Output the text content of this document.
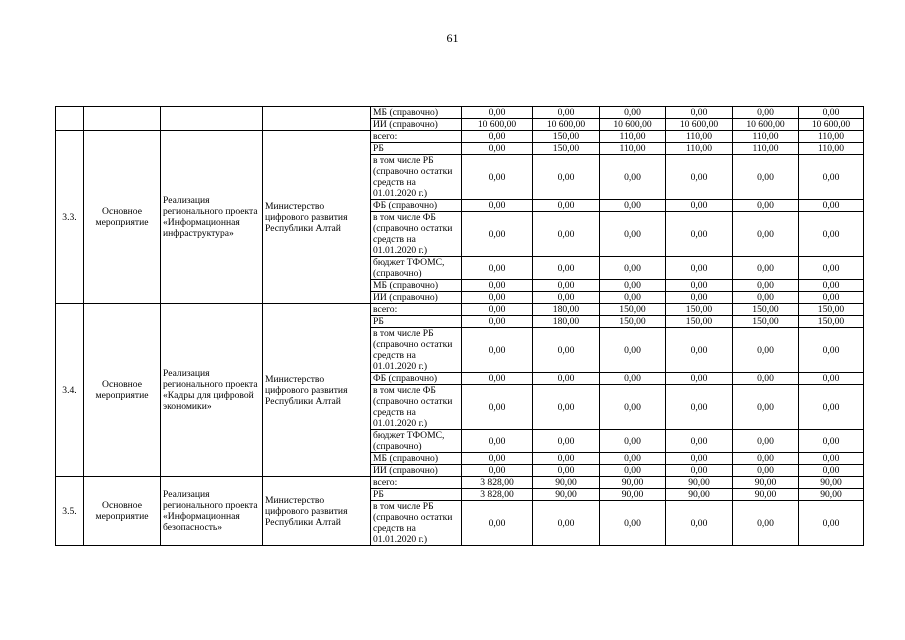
61
				МБ (справочно)	0,00	0,00	0,00	0,00	0,00	0,00
				ИИ (справочно)	10 600,00	10 600,00	10 600,00	10 600,00	10 600,00	10 600,00
3.3.	Основное мероприятие	Реализация регионального проекта «Информационная инфраструктура»	Министерство цифрового развития Республики Алтай	всего:	0,00	150,00	110,00	110,00	110,00	110,00
				РБ	0,00	150,00	110,00	110,00	110,00	110,00
				в том числе РБ (справочно остатки средств на 01.01.2020 г.)	0,00	0,00	0,00	0,00	0,00	0,00
				ФБ (справочно)	0,00	0,00	0,00	0,00	0,00	0,00
				в том числе ФБ (справочно остатки средств на 01.01.2020 г.)	0,00	0,00	0,00	0,00	0,00	0,00
				бюджет ТФОМС, (справочно)	0,00	0,00	0,00	0,00	0,00	0,00
				МБ (справочно)	0,00	0,00	0,00	0,00	0,00	0,00
				ИИ (справочно)	0,00	0,00	0,00	0,00	0,00	0,00
3.4.	Основное мероприятие	Реализация регионального проекта «Кадры для цифровой экономики»	Министерство цифрового развития Республики Алтай	всего:	0,00	180,00	150,00	150,00	150,00	150,00
				РБ	0,00	180,00	150,00	150,00	150,00	150,00
				в том числе РБ (справочно остатки средств на 01.01.2020 г.)	0,00	0,00	0,00	0,00	0,00	0,00
				ФБ (справочно)	0,00	0,00	0,00	0,00	0,00	0,00
				в том числе ФБ (справочно остатки средств на 01.01.2020 г.)	0,00	0,00	0,00	0,00	0,00	0,00
				бюджет ТФОМС, (справочно)	0,00	0,00	0,00	0,00	0,00	0,00
				МБ (справочно)	0,00	0,00	0,00	0,00	0,00	0,00
				ИИ (справочно)	0,00	0,00	0,00	0,00	0,00	0,00
3.5.	Основное мероприятие	Реализация регионального проекта «Информационная безопасность»	Министерство цифрового развития Республики Алтай	всего:	3 828,00	90,00	90,00	90,00	90,00	90,00
				РБ	3 828,00	90,00	90,00	90,00	90,00	90,00
				в том числе РБ (справочно остатки средств на 01.01.2020 г.)	0,00	0,00	0,00	0,00	0,00	0,00
